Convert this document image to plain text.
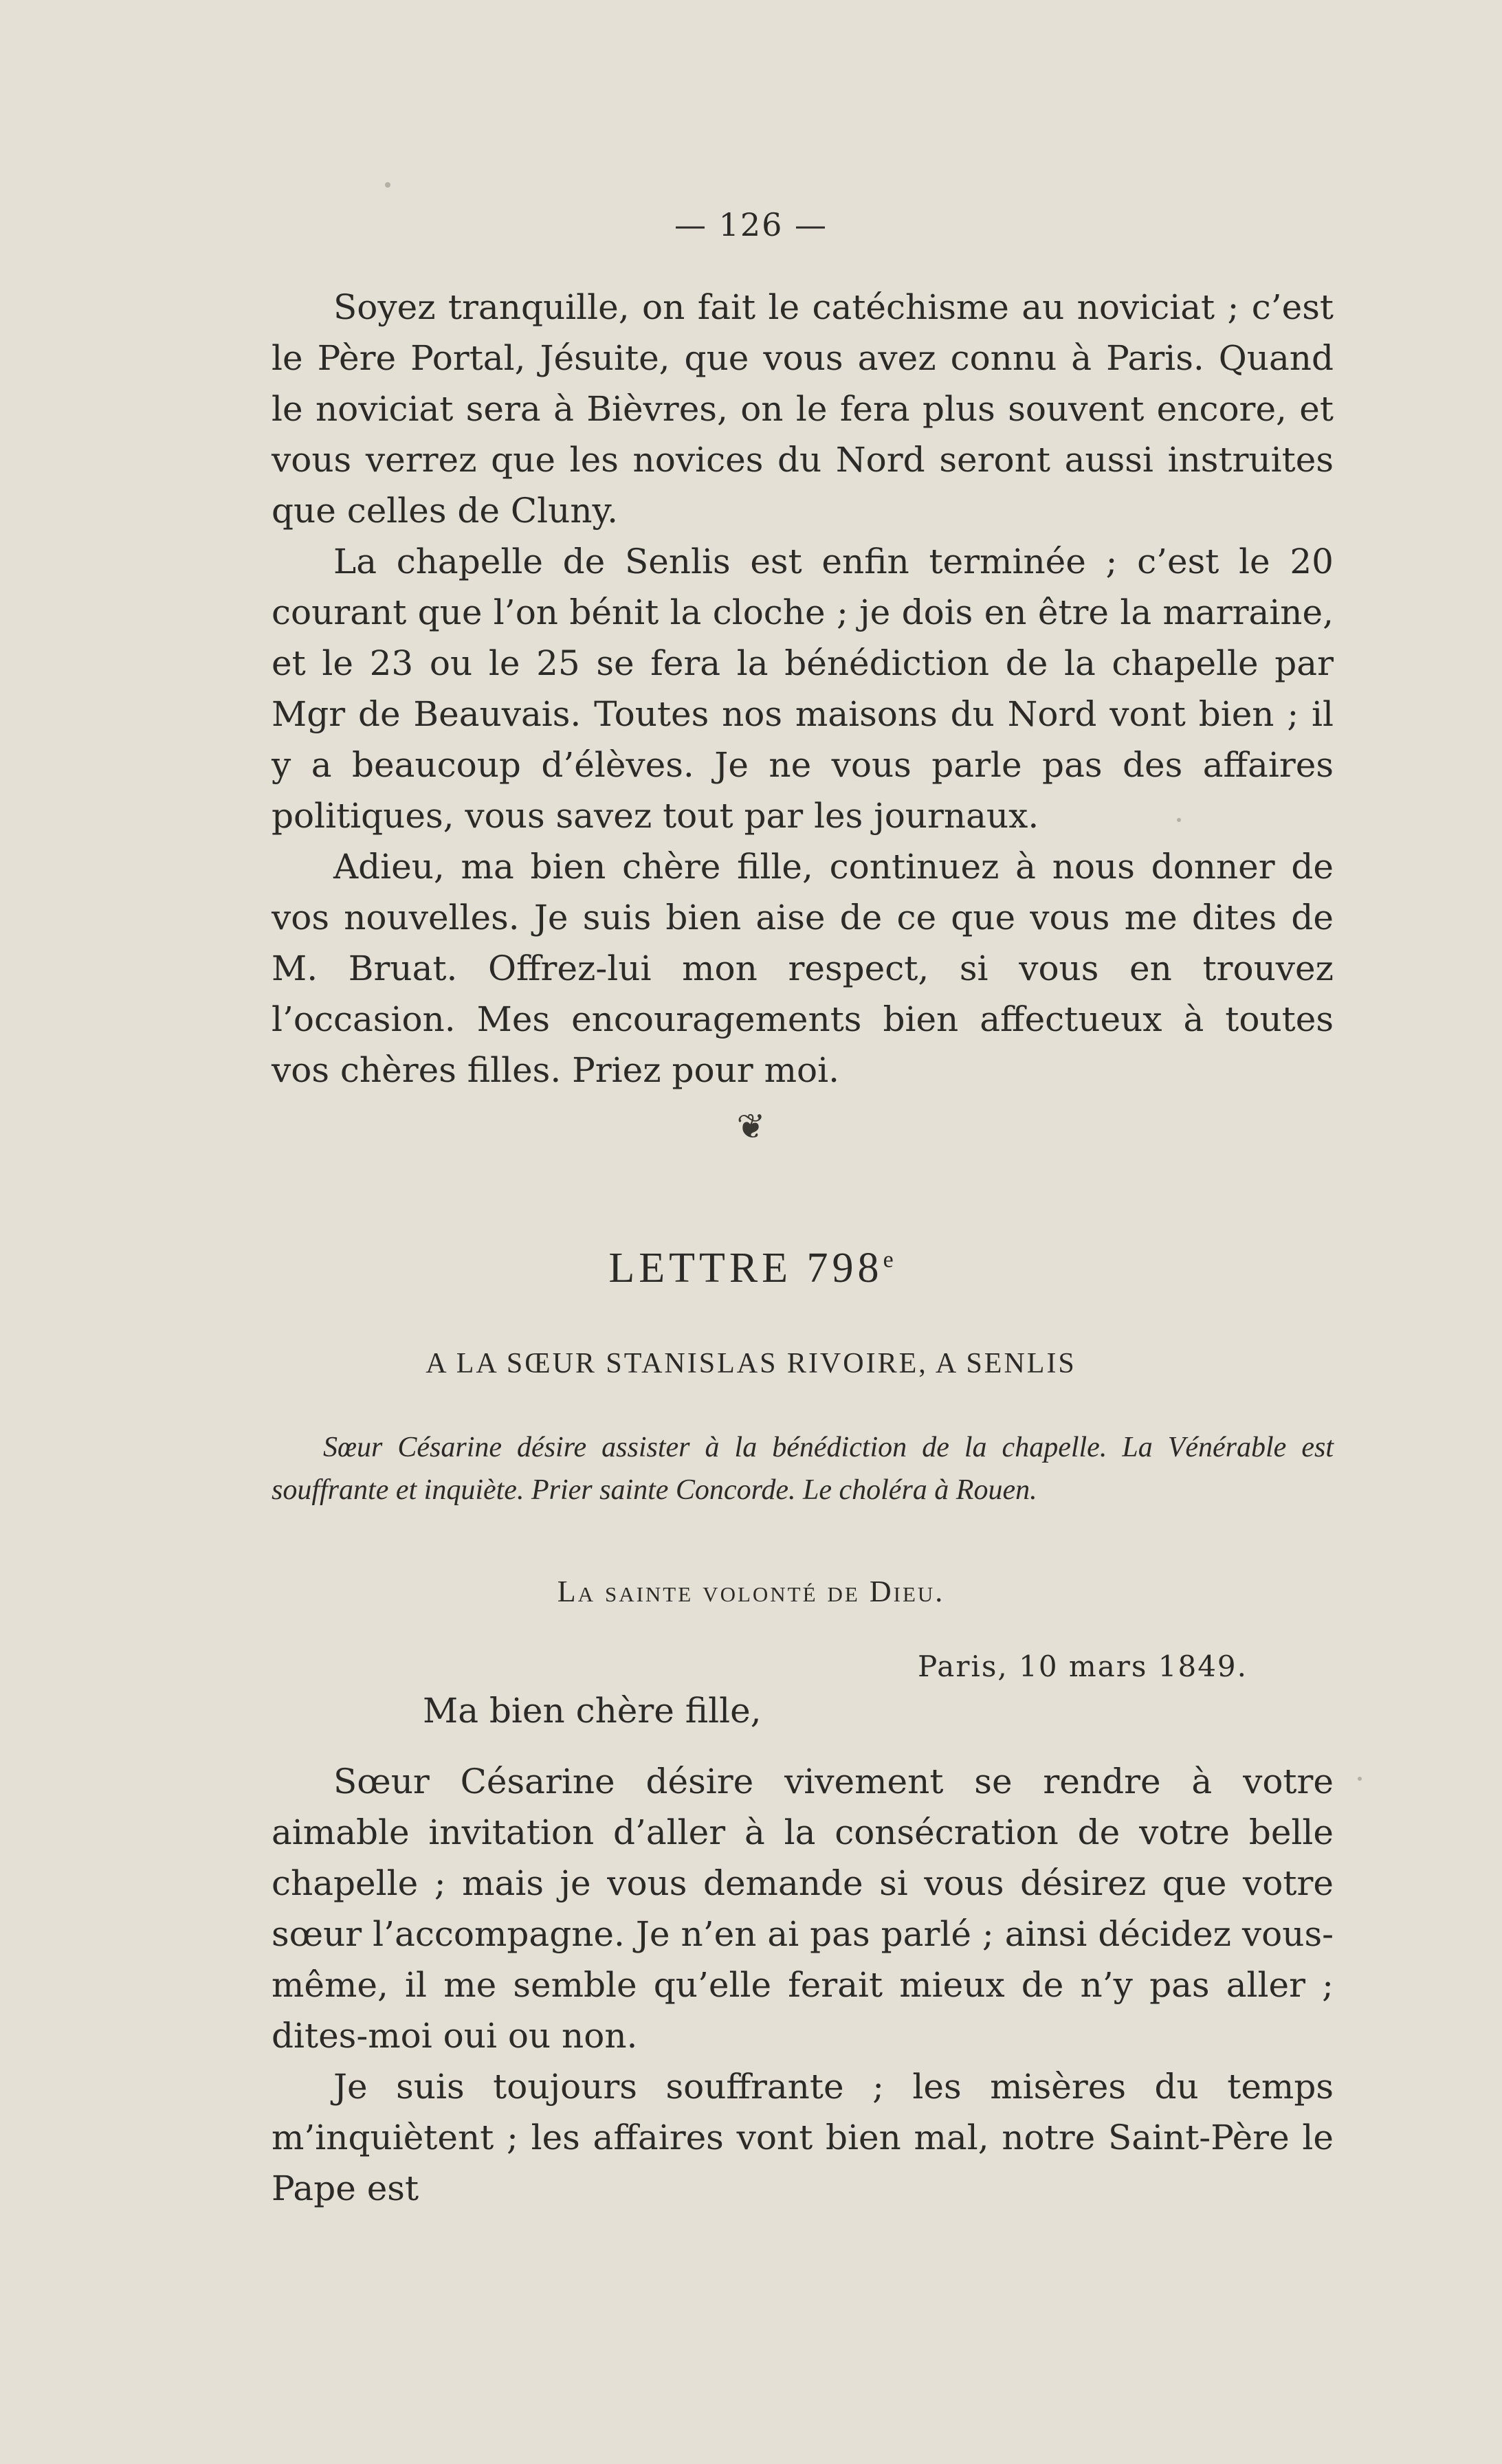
— 126 —

Soyez tranquille, on fait le catéchisme au noviciat ; c’est le Père Portal, Jésuite, que vous avez connu à Paris. Quand le noviciat sera à Bièvres, on le fera plus souvent encore, et vous verrez que les novices du Nord seront aussi instruites que celles de Cluny.

La chapelle de Senlis est enfin terminée ; c’est le 20 courant que l’on bénit la cloche ; je dois en être la marraine, et le 23 ou le 25 se fera la bénédiction de la chapelle par Mgr de Beauvais. Toutes nos maisons du Nord vont bien ; il y a beaucoup d’élèves. Je ne vous parle pas des affaires politiques, vous savez tout par les journaux.

Adieu, ma bien chère fille, continuez à nous donner de vos nouvelles. Je suis bien aise de ce que vous me dites de M. Bruat. Offrez-lui mon respect, si vous en trouvez l’occasion. Mes encouragements bien affectueux à toutes vos chères filles. Priez pour moi.

❦
LETTRE 798e
A LA SŒUR STANISLAS RIVOIRE, A SENLIS
Sœur Césarine désire assister à la bénédiction de la chapelle. La Vénérable est souffrante et inquiète. Prier sainte Concorde. Le choléra à Rouen.
La sainte volonté de Dieu.
Paris, 10 mars 1849.
Ma bien chère fille,

Sœur Césarine désire vivement se rendre à votre aimable invitation d’aller à la consécration de votre belle chapelle ; mais je vous demande si vous désirez que votre sœur l’accompagne. Je n’en ai pas parlé ; ainsi décidez vous-même, il me semble qu’elle ferait mieux de n’y pas aller ; dites-moi oui ou non.

Je suis toujours souffrante ; les misères du temps m’inquiètent ; les affaires vont bien mal, notre Saint-Père le Pape est
